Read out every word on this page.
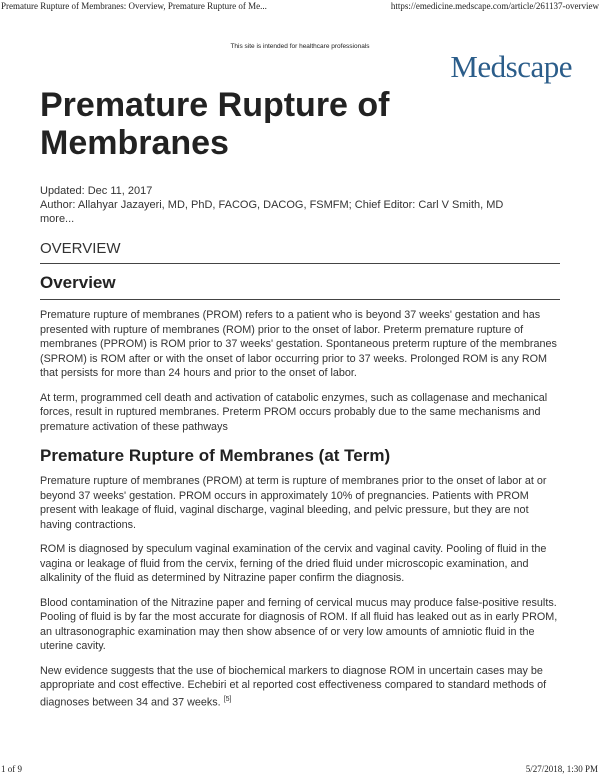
Premature Rupture of Membranes: Overview, Premature Rupture of Me...	https://emedicine.medscape.com/article/261137-overview
This site is intended for healthcare professionals
Medscape
Premature Rupture of Membranes
Updated: Dec 11, 2017
Author: Allahyar Jazayeri, MD, PhD, FACOG, DACOG, FSMFM; Chief Editor: Carl V Smith, MD
more...
OVERVIEW
Overview

Premature rupture of membranes (PROM) refers to a patient who is beyond 37 weeks' gestation and has presented with rupture of membranes (ROM) prior to the onset of labor. Preterm premature rupture of membranes (PPROM) is ROM prior to 37 weeks' gestation. Spontaneous preterm rupture of the membranes (SPROM) is ROM after or with the onset of labor occurring prior to 37 weeks. Prolonged ROM is any ROM that persists for more than 24 hours and prior to the onset of labor.

At term, programmed cell death and activation of catabolic enzymes, such as collagenase and mechanical forces, result in ruptured membranes. Preterm PROM occurs probably due to the same mechanisms and premature activation of these pathways

Premature Rupture of Membranes (at Term)

Premature rupture of membranes (PROM) at term is rupture of membranes prior to the onset of labor at or beyond 37 weeks' gestation. PROM occurs in approximately 10% of pregnancies. Patients with PROM present with leakage of fluid, vaginal discharge, vaginal bleeding, and pelvic pressure, but they are not having contractions.

ROM is diagnosed by speculum vaginal examination of the cervix and vaginal cavity. Pooling of fluid in the vagina or leakage of fluid from the cervix, ferning of the dried fluid under microscopic examination, and alkalinity of the fluid as determined by Nitrazine paper confirm the diagnosis.

Blood contamination of the Nitrazine paper and ferning of cervical mucus may produce false-positive results. Pooling of fluid is by far the most accurate for diagnosis of ROM. If all fluid has leaked out as in early PROM, an ultrasonographic examination may then show absence of or very low amounts of amniotic fluid in the uterine cavity.

New evidence suggests that the use of biochemical markers to diagnose ROM in uncertain cases may be appropriate and cost effective. Echebiri et al reported cost effectiveness compared to standard methods of diagnoses between 34 and 37 weeks. [5]

1 of 9	5/27/2018, 1:30 PM
